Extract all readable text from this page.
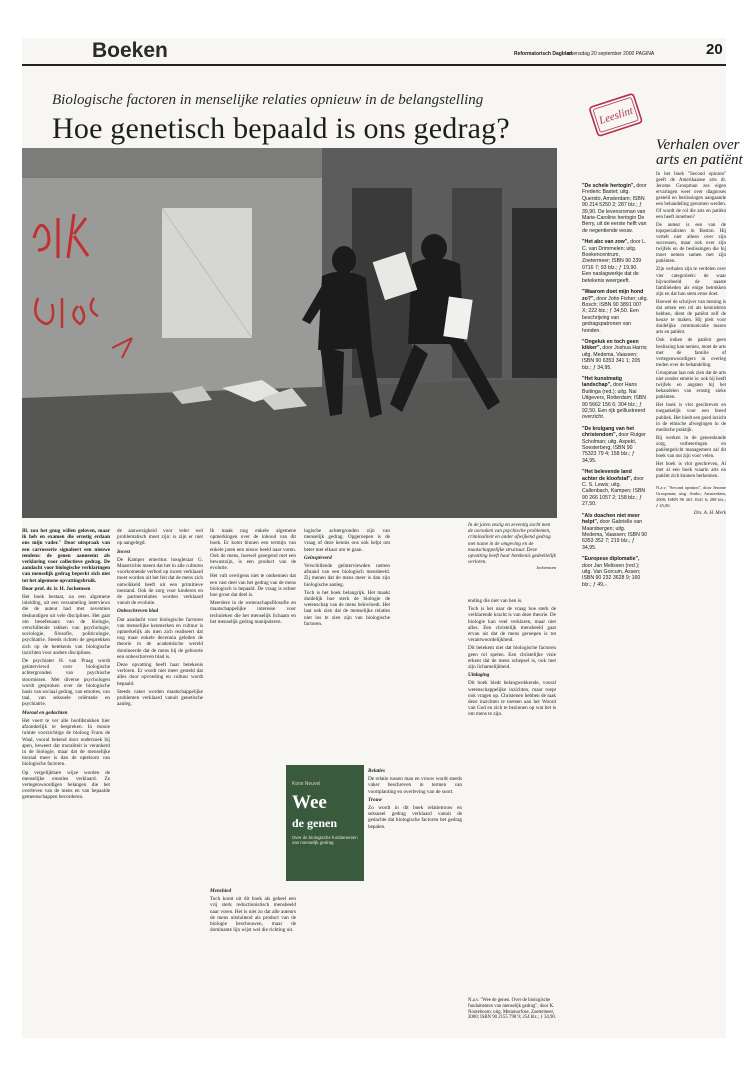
Boeken	Reformatorisch Dagblad
woensdag 20 september 2000 PAGINA	20
Biologische factoren in menselijke relaties opnieuw in de belangstelling
Hoe genetisch bepaald is ons gedrag?	Leeslint
Rik

Ill. zou het gnug willen geloven, maar ik heb en examen die ernstig erdaan ons mijn vader." Door uitspraak van een carrosserie signaleert een nieuwe tendens: de genen aanneemt als verklaring voor collectieve gedrag. De aandacht voor biologische verklaringen van menselijk gedrag beperkt zich niet tot het algemene opvattingsbruik.

Door prof. dr. ir. H. Jochemsen

Het boek bestaat, na een algemene inleiding, uit een verzameling interviews die de auteur had met zeventien deskundigen uit vele disciplines. Het gaat om beoefenaars van de biologie, verschillende takken van psychologie, sociologie, filosofie, politicologie, psychiatrie. Steeds richten de gesprekken zich op de betekenis van biologische inzichten voor andere disciplines.

De psychiater H. van Praag wordt geïnterviewd over biologische achtergronden van psychische stoornissen. Met diverse psychologen wordt gesproken over de biologische basis van sociaal gedrag, van emoties, van taal, van seksuele oriëntatie en psychiatrie.

Moraal en gedachten

Het voert te ver alle hoofdstukken hier afzonderlijk te bespreken. In mooie ruimte voorzichtige de bioloog Frans de Waal, vooral bekend door onderzoek bij apen, beweert dat moraliteit is verankerd in de biologie, maar dat de menselijke moraal meer is dan de optelsom van biologische factoren.

Op vergelijkbare wijze worden de menselijke emoties verklaard. Ze vertegenwoordigen belangen die het overleven van de mens en van bepaalde gemeenschappen bevorderen.

de aanwezigheid voor veler wel problematisch moet zijn: is zijn er niet op aangelegd.

Incest

De Kamper emeritus hoogleraar G. Maastrichts meent dat het in alle culturen voorkomende verbod op incest verklaard moet worden uit het feit dat de mens zich ontwikkeld heeft uit een primitieve toestand. Ook de zorg voor kinderen en de partnerrelaties worden verklaard vanuit de evolutie.

Onbeschreven blad

Dat aandacht voor biologische factoren van menselijke kenmerken en cultuur is opmerkelijk als men zich realiseert dat nog maar enkele decennia geleden de theorie in de academische wereld domineerde dat de mens bij de geboorte een onbeschreven blad is.

Deze opvatting heeft haar betekenis verloren. Er wordt niet meer gesteld dat alles door opvoeding en cultuur wordt bepaald.

Steeds vaker worden maatschappelijke problemen verklaard vanuit genetische aanleg.

Ik maak nog enkele algemene opmerkingen over de inhoud van dit boek. Er komt binnen een termijn van enkele jaren een nieuw beeld naar voren. Ook de mens, hoewel gezegend met een bewustzijn, is een product van de evolutie.

Het valt overigens niet te ontkennen dat een vast deel van het gedrag van de mens biologisch is bepaald. De vraag is echter hoe groot dat deel is.

Meerdere in de wetenschapsfilosofie en maatschappelijke interesse voor technieken die het menselijk lichaam en het menselijk gedrag manipuleren.

Menshied

Toch komt uit dit boek als geheel een vrij sterk reductionistisch mensbeeld naar voren. Het is niet zo dat alle auteurs de mens uitsluitend als product van de biologie beschouwen, maar de dominante lijn wijst wel die richting uit.

Koos Neuvel
Wee
de genen
Over de biologische fundamenten van menselijk gedrag

logische achtergronden zijn van menselijk gedrag. Opgeroepen is de vraag of deze kennis ons ook helpt om beter met elkaar om te gaan.

Geïnspireerd

Verschillende geïnterviewden nemen afstand van een biologisch mensbeeld. Zij menen dat de mens meer is dan zijn biologische aanleg.

Toch is het boek belangrijk. Het maakt duidelijk hoe sterk de biologie de wetenschap van de mens beïnvloedt. Het laat ook zien dat de menselijke relaties niet los te zien zijn van biologische factoren.

Relaties

De relatie tussen man en vrouw wordt steeds vaker beschreven in termen van voortplanting en overleving van de soort.

Trouw

Zo wordt in dit boek relatietrouw en seksueel gedrag verklaard vanuit de gedachte dat biologische factoren het gedrag bepalen.

In de jaren zestig en zeventig zocht men de oorzaken van psychische problemen, criminaliteit en ander afwijkend gedrag met name in de omgeving en de maatschappelijke structuur. Deze opvatting heeft haar betekenis gedeeltelijk verloren.
Jochemsen

ending die niet van hen is.

Toch is het naar de vraag hoe sterk de verklarende kracht is van deze theorie. De biologie kan veel verklaren, maar niet alles. Een christelijk mensbeeld gaat ervan uit dat de mens geroepen is tot verantwoordelijkheid.

Dit betekent niet dat biologische factoren geen rol spelen. Een christelijke visie erkent dat de mens schepsel is, ook met zijn lichamelijkheid.

Uitdaging

Dit boek biedt belangwekkende, vooral wetenschappelijke inzichten, maar roept ook vragen op. Christenen hebben de taak deze inzichten te toetsen aan het Woord van God en zich te bezinnen op wat het is om mens te zijn.

N.a.v. "Wee de genen. Over de biologische fundamenten van menselijk gedrag", door K. Nooteboom; uitg. Metamorfose, Zoetermeer, 2000; ISBN 90 2155 798 9; 254 blz.; ƒ 34,90.
"De schele hertogin", door Frederic Bastet; uitg. Querido, Amsterdam; ISBN 90 214 5250 2; 287 blz.; ƒ 39,90. De levensroman van Marie-Caroline hertogin De Berry, uit de eerste helft van de negentiende eeuw.
"Het abc van zow", door L. C. van Drimmelen; uitg. Boekencentrum, Zoetermeer; ISBN 90 239 0716 7; 93 blz.; ƒ 19,90. Een naslagwerkje dat de betekenis weergeeft.
"Waarom doet mijn hond zo?", door John Fisher; uitg. Bosch; ISBN 90 3891 007 X; 222 blz.; ƒ 34,50. Een beschrijving van gedragspatronen van honden.
"Ongeluk en toch geen kikker", door Joshua Harris; uitg. Medema, Vaassen; ISBN 90 6353 341 1; 205 blz.; ƒ 34,95.
"Het kunstmatig landschap", door Hans Buitinga (red.); uitg. Nai Uitgevers, Rotterdam; ISBN 90 5662 156 6; 304 blz.; ƒ 92,50. Een rijk geïllustreerd overzicht.
"De krulgang van het christendom", door Rutger Scholman; uitg. Aspekt, Soesterberg; ISBN 90 75323 79 4; 158 blz.; ƒ 34,95.
"Het belevende land achter de kloofstaf", door C. S. Lewis; uitg. Callenbach, Kampen; ISBN 90 266 1057 2; 158 blz.; ƒ 27,50.
"Als doachen niet meer helpt", door Gabrielle van Maarsbergen; uitg. Medema, Vaassen; ISBN 90 6353 352 7; 219 blz.; ƒ 34,95.
"Europese diplomatie", door Jan Melissen (red.); uitg. Van Gorcum, Assen; ISBN 90 232 3628 9; 160 blz.; ƒ 49,-.
Verhalen over
arts en patiënt

In het boek "Second opinion" geeft de Amerikaanse arts dr. Jerome Groopman zes eigen ervaringen weer over diagnoses gesteld en beslissingen aangaande een behandeling genomen werden. Of wordt de rol die arts en patiënt een heeft innemen?

De auteur is een van de topspecialisten in Boston. Hij vertelt niet alleen over zijn successen, maar ook over zijn twijfels en de beslissingen die hij moet nemen samen met zijn patiënten.

Zijn verhalen zijn te verdelen over vier categorieën: de waar bijvoorbeeld de naaste familieleden als enige betrokken zijn en dat hun stem ertoe doet.

Hoewel de schrijver van mening is dat artsen een rol als kennisbron hebben, dient de patiënt zelf de keuze te maken. Hij pleit voor duidelijke communicatie tussen arts en patiënt.

Ook indien de patiënt geen beslissing kan nemen, moet de arts met de familie of vertegenwoordigers in overleg treden over de behandeling.

Groopman laat ook zien dat de arts niet zonder emotie is: ook hij heeft twijfels en angsten bij het behandelen van ernstig zieke patiënten.

Het boek is vlot geschreven en toegankelijk voor een breed publiek. Het biedt een goed inzicht in de ethische afwegingen in de medische praktijk.

Bij werken in de geneeskunde zorg, verbeteringen en patiëntgericht management zal dit boek van nut zijn voor velen.

Het boek is vlot geschreven, Al met al een boek waarin arts en patiënt zich kunnen herkennen.

N.a.v. "Second opinion", door Jerome Groopman; uitg. Ambo, Amsterdam, 2000; ISBN 90 263 1641 6; 288 blz.; ƒ 45,00.

Drs. A. H. Merk
